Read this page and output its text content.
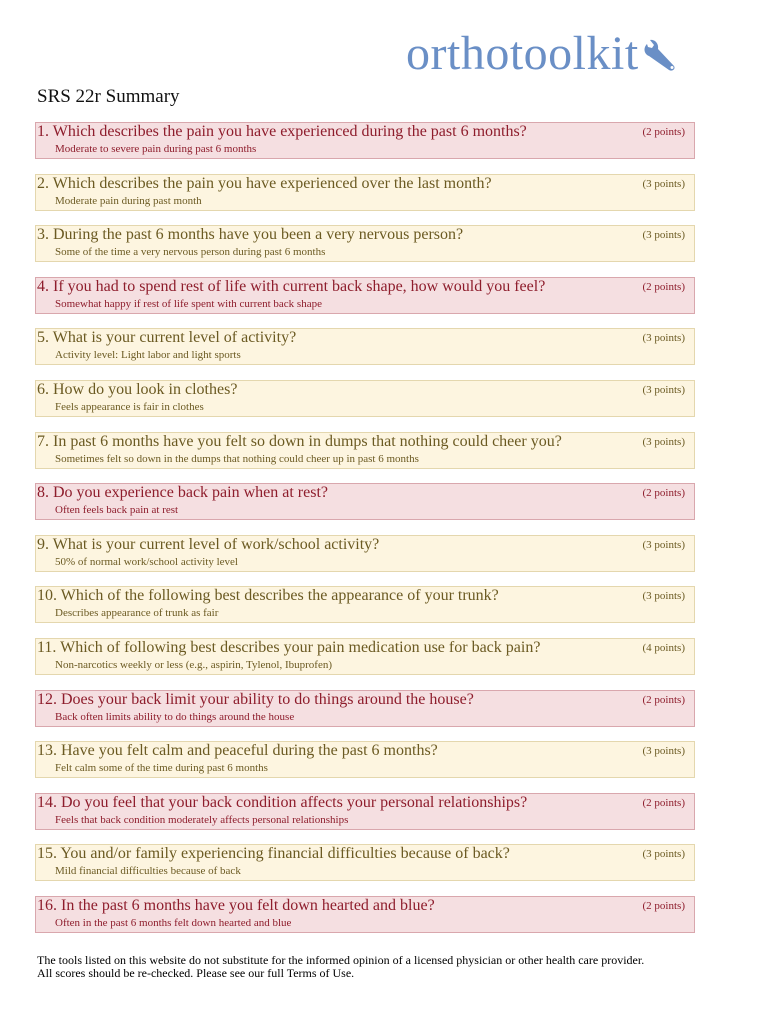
orthotoolkit
SRS 22r Summary
1. Which describes the pain you have experienced during the past 6 months?	(2 points)
Moderate to severe pain during past 6 months
2. Which describes the pain you have experienced over the last month?	(3 points)
Moderate pain during past month
3. During the past 6 months have you been a very nervous person?	(3 points)
Some of the time a very nervous person during past 6 months
4. If you had to spend rest of life with current back shape, how would you feel?	(2 points)
Somewhat happy if rest of life spent with current back shape
5. What is your current level of activity?	(3 points)
Activity level: Light labor and light sports
6. How do you look in clothes?	(3 points)
Feels appearance is fair in clothes
7. In past 6 months have you felt so down in dumps that nothing could cheer you?	(3 points)
Sometimes felt so down in the dumps that nothing could cheer up in past 6 months
8. Do you experience back pain when at rest?	(2 points)
Often feels back pain at rest
9. What is your current level of work/school activity?	(3 points)
50% of normal work/school activity level
10. Which of the following best describes the appearance of your trunk?	(3 points)
Describes appearance of trunk as fair
11. Which of following best describes your pain medication use for back pain?	(4 points)
Non-narcotics weekly or less (e.g., aspirin, Tylenol, Ibuprofen)
12. Does your back limit your ability to do things around the house?	(2 points)
Back often limits ability to do things around the house
13. Have you felt calm and peaceful during the past 6 months?	(3 points)
Felt calm some of the time during past 6 months
14. Do you feel that your back condition affects your personal relationships?	(2 points)
Feels that back condition moderately affects personal relationships
15. You and/or family experiencing financial difficulties because of back?	(3 points)
Mild financial difficulties because of back
16. In the past 6 months have you felt down hearted and blue?	(2 points)
Often in the past 6 months felt down hearted and blue
The tools listed on this website do not substitute for the informed opinion of a licensed physician or other health care provider.
All scores should be re-checked. Please see our full Terms of Use.
